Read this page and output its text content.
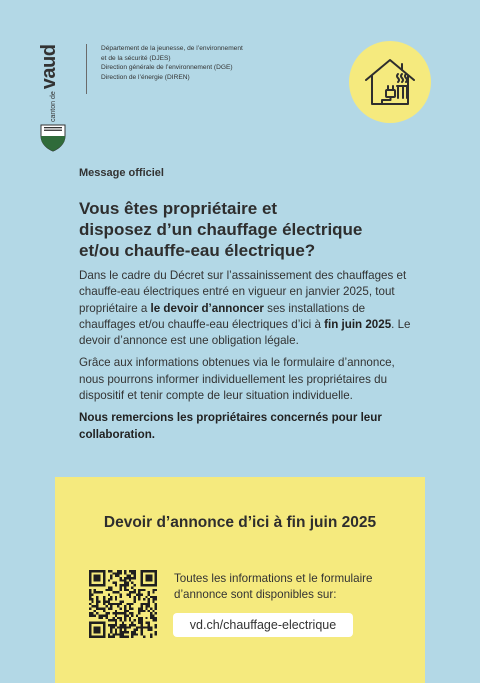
canton devaud	Département de la jeunesse, de l’environnement
et de la sécurité (DJES)
Direction générale de l’environnement (DGE)
Direction de l’énergie (DIREN)
Message officiel
Vous êtes propriétaire et
disposez d’un chauffage électrique
et/ou chauffe-eau électrique?

Dans le cadre du Décret sur l’assainissement des chauffages et chauffe-eau électriques entré en vigueur en janvier 2025, tout propriétaire a le devoir d’annoncer ses installations de chauffages et/ou chauffe-eau électriques d’ici à fin juin 2025. Le devoir d’annonce est une obligation légale.

Grâce aux informations obtenues via le formulaire d’annonce, nous pourrons informer individuellement les propriétaires du dispositif et tenir compte de leur situation individuelle.

Nous remercions les propriétaires concernés pour leur collaboration.

Devoir d’annonce d’ici à fin juin 2025
Toutes les informations et le formulaire d’annonce sont disponibles sur:
vd.ch/chauffage-electrique
